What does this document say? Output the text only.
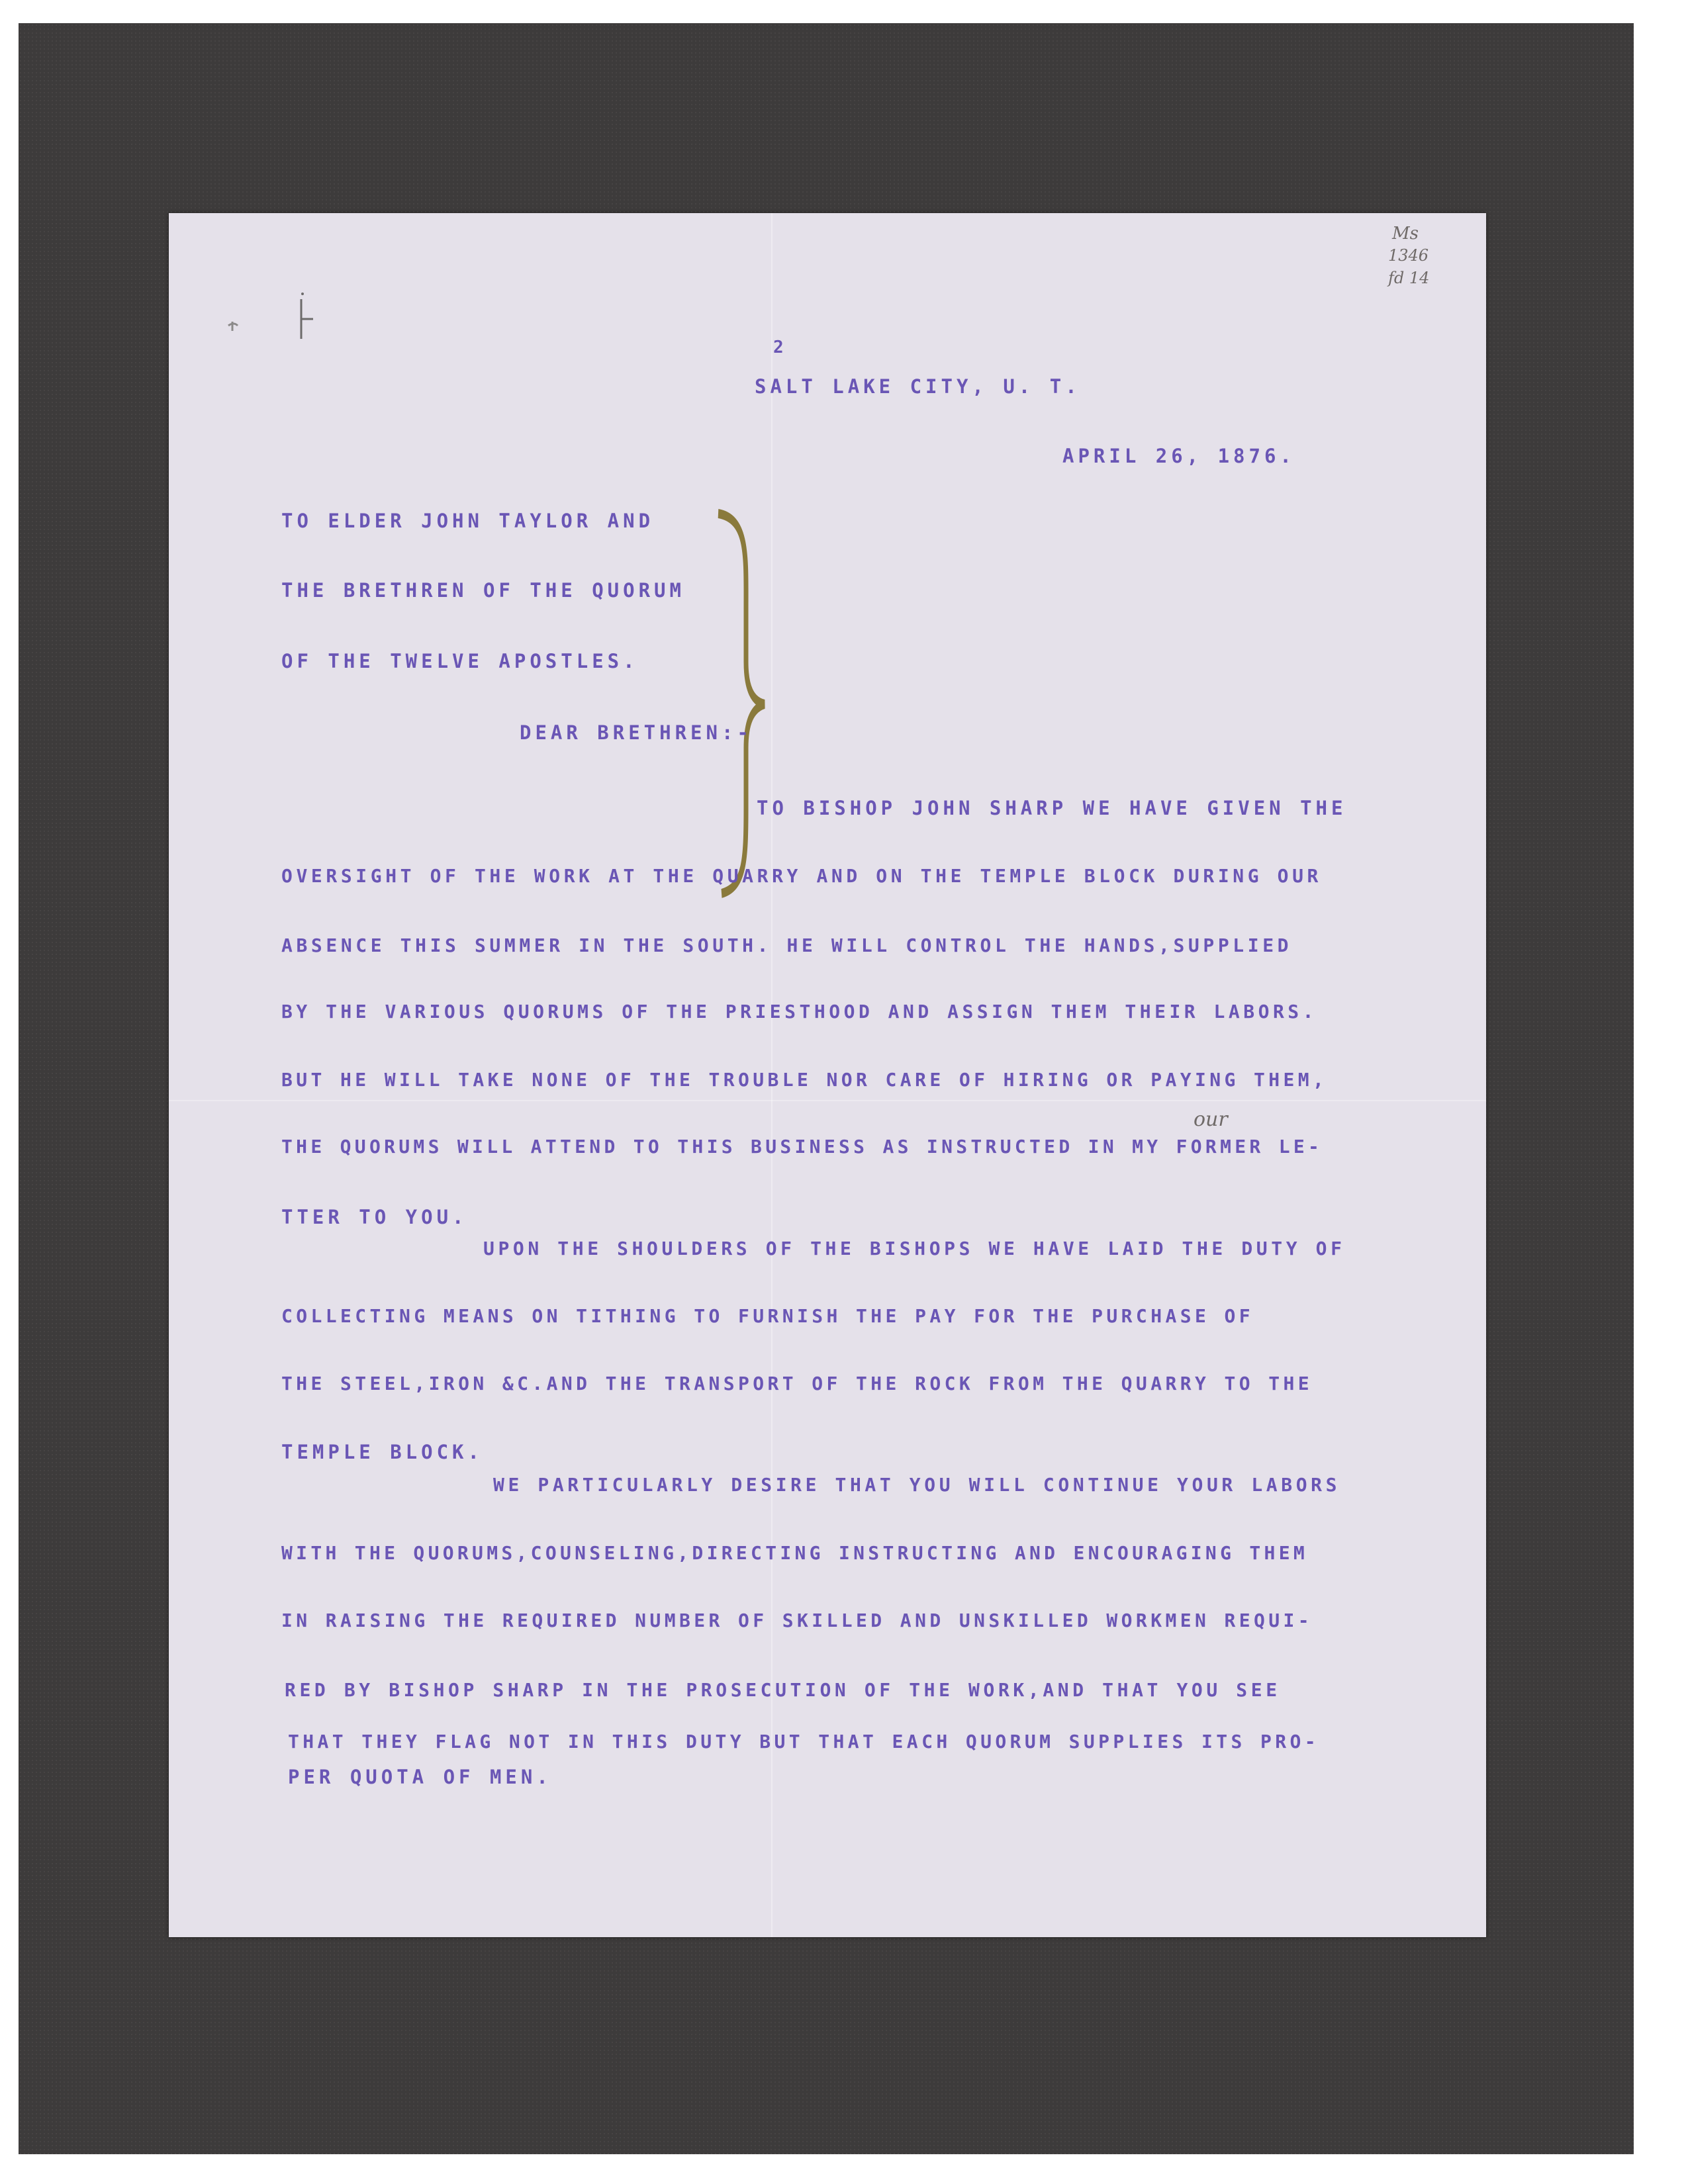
Ms
1346
fd 14
2
SALT LAKE CITY, U. T.
APRIL 26, 1876.
TO ELDER JOHN TAYLOR AND
THE BRETHREN OF THE QUORUM
OF THE TWELVE APOSTLES.
DEAR BRETHREN:-
TO BISHOP JOHN SHARP WE HAVE GIVEN THE
OVERSIGHT OF THE WORK AT THE QUARRY AND ON THE TEMPLE BLOCK DURING OUR
ABSENCE THIS SUMMER IN THE SOUTH. HE WILL CONTROL THE HANDS,SUPPLIED
BY THE VARIOUS QUORUMS OF THE PRIESTHOOD AND ASSIGN THEM THEIR LABORS.
BUT HE WILL TAKE NONE OF THE TROUBLE NOR CARE OF HIRING OR PAYING THEM,
our
THE QUORUMS WILL ATTEND TO THIS BUSINESS AS INSTRUCTED IN MY FORMER LE-
TTER TO YOU.
UPON THE SHOULDERS OF THE BISHOPS WE HAVE LAID THE DUTY OF
COLLECTING MEANS ON TITHING TO FURNISH THE PAY FOR THE PURCHASE OF
THE STEEL,IRON &C.AND THE TRANSPORT OF THE ROCK FROM THE QUARRY TO THE
TEMPLE BLOCK.
WE PARTICULARLY DESIRE THAT YOU WILL CONTINUE YOUR LABORS
WITH THE QUORUMS,COUNSELING,DIRECTING INSTRUCTING AND ENCOURAGING THEM
IN RAISING THE REQUIRED NUMBER OF SKILLED AND UNSKILLED WORKMEN REQUI-
RED BY BISHOP SHARP IN THE PROSECUTION OF THE WORK,AND THAT YOU SEE
THAT THEY FLAG NOT IN THIS DUTY BUT THAT EACH QUORUM SUPPLIES ITS PRO-
PER QUOTA OF MEN.
